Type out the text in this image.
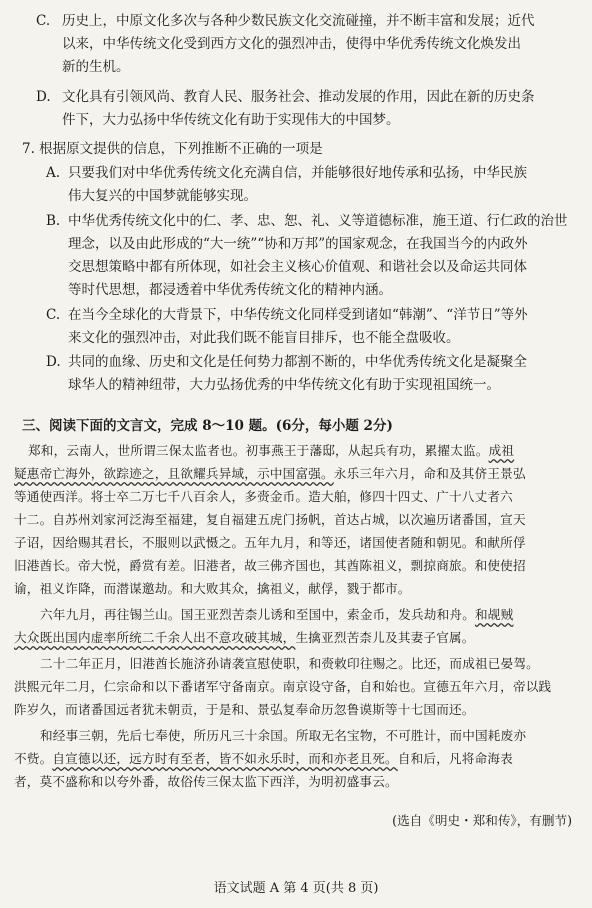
C. 历史上，中原文化多次与各种少数民族文化交流碰撞，并不断丰富和发展；近代
以来，中华传统文化受到西方文化的强烈冲击，使得中华优秀传统文化焕发出
新的生机。
D. 文化具有引领风尚、教育人民、服务社会、推动发展的作用，因此在新的历史条
件下，大力弘扬中华传统文化有助于实现伟大的中国梦。
7. 根据原文提供的信息，下列推断不正确的一项是
A. 只要我们对中华优秀传统文化充满自信，并能够很好地传承和弘扬，中华民族
伟大复兴的中国梦就能够实现。
B. 中华优秀传统文化中的仁、孝、忠、恕、礼、义等道德标准，施王道、行仁政的治世
理念，以及由此形成的“大一统”“协和万邦”的国家观念，在我国当今的内政外
交思想策略中都有所体现，如社会主义核心价值观、和谐社会以及命运共同体
等时代思想，都浸透着中华优秀传统文化的精神内涵。
C. 在当今全球化的大背景下，中华传统文化同样受到诸如“韩潮”、“洋节日”等外
来文化的强烈冲击，对此我们既不能盲目排斥，也不能全盘吸收。
D. 共同的血缘、历史和文化是任何势力都割不断的，中华优秀传统文化是凝聚全
球华人的精神纽带，大力弘扬优秀的中华传统文化有助于实现祖国统一。
三、阅读下面的文言文，完成 8～10 题。(6分，每小题 2分)
郑和，云南人，世所谓三保太监者也。初事燕王于藩邸，从起兵有功，累擢太监。成祖
疑惠帝亡海外，欲踪迹之，且欲耀兵异域，示中国富强。永乐三年六月，命和及其侪王景弘
等通使西洋。将士卒二万七千八百余人，多赍金币。造大舶，修四十四丈、广十八丈者六
十二。自苏州刘家河泛海至福建，复自福建五虎门扬帆，首达占城，以次遍历诸番国，宣天
子诏，因给赐其君长，不服则以武慑之。五年九月，和等还，诸国使者随和朝见。和献所俘
旧港酋长。帝大悦，爵赏有差。旧港者，故三佛齐国也，其酋陈祖义，剽掠商旅。和使使招
谕，祖义诈降，而潜谋邀劫。和大败其众，擒祖义，献俘，戮于都市。
六年九月，再往锡兰山。国王亚烈苦柰儿诱和至国中，索金币，发兵劫和舟。和觇贼
大众既出国内虚率所统二千余人出不意攻破其城，生擒亚烈苦柰儿及其妻子官属。
二十二年正月，旧港酋长施济孙请袭宣慰使职，和赍敕印往赐之。比还，而成祖已晏驾。
洪熙元年二月，仁宗命和以下番诸军守备南京。南京设守备，自和始也。宣德五年六月，帝以践
阼岁久，而诸番国远者犹未朝贡，于是和、景弘复奉命历忽鲁谟斯等十七国而还。
和经事三朝，先后七奉使，所历凡三十余国。所取无名宝物，不可胜计，而中国耗废亦
不赀。自宣德以还，远方时有至者，皆不如永乐时，而和亦老且死。自和后，凡将命海表
者，莫不盛称和以夸外番，故俗传三保太监下西洋，为明初盛事云。
(选自《明史・郑和传》，有删节)
语文试题 A 第 4 页(共 8 页)
